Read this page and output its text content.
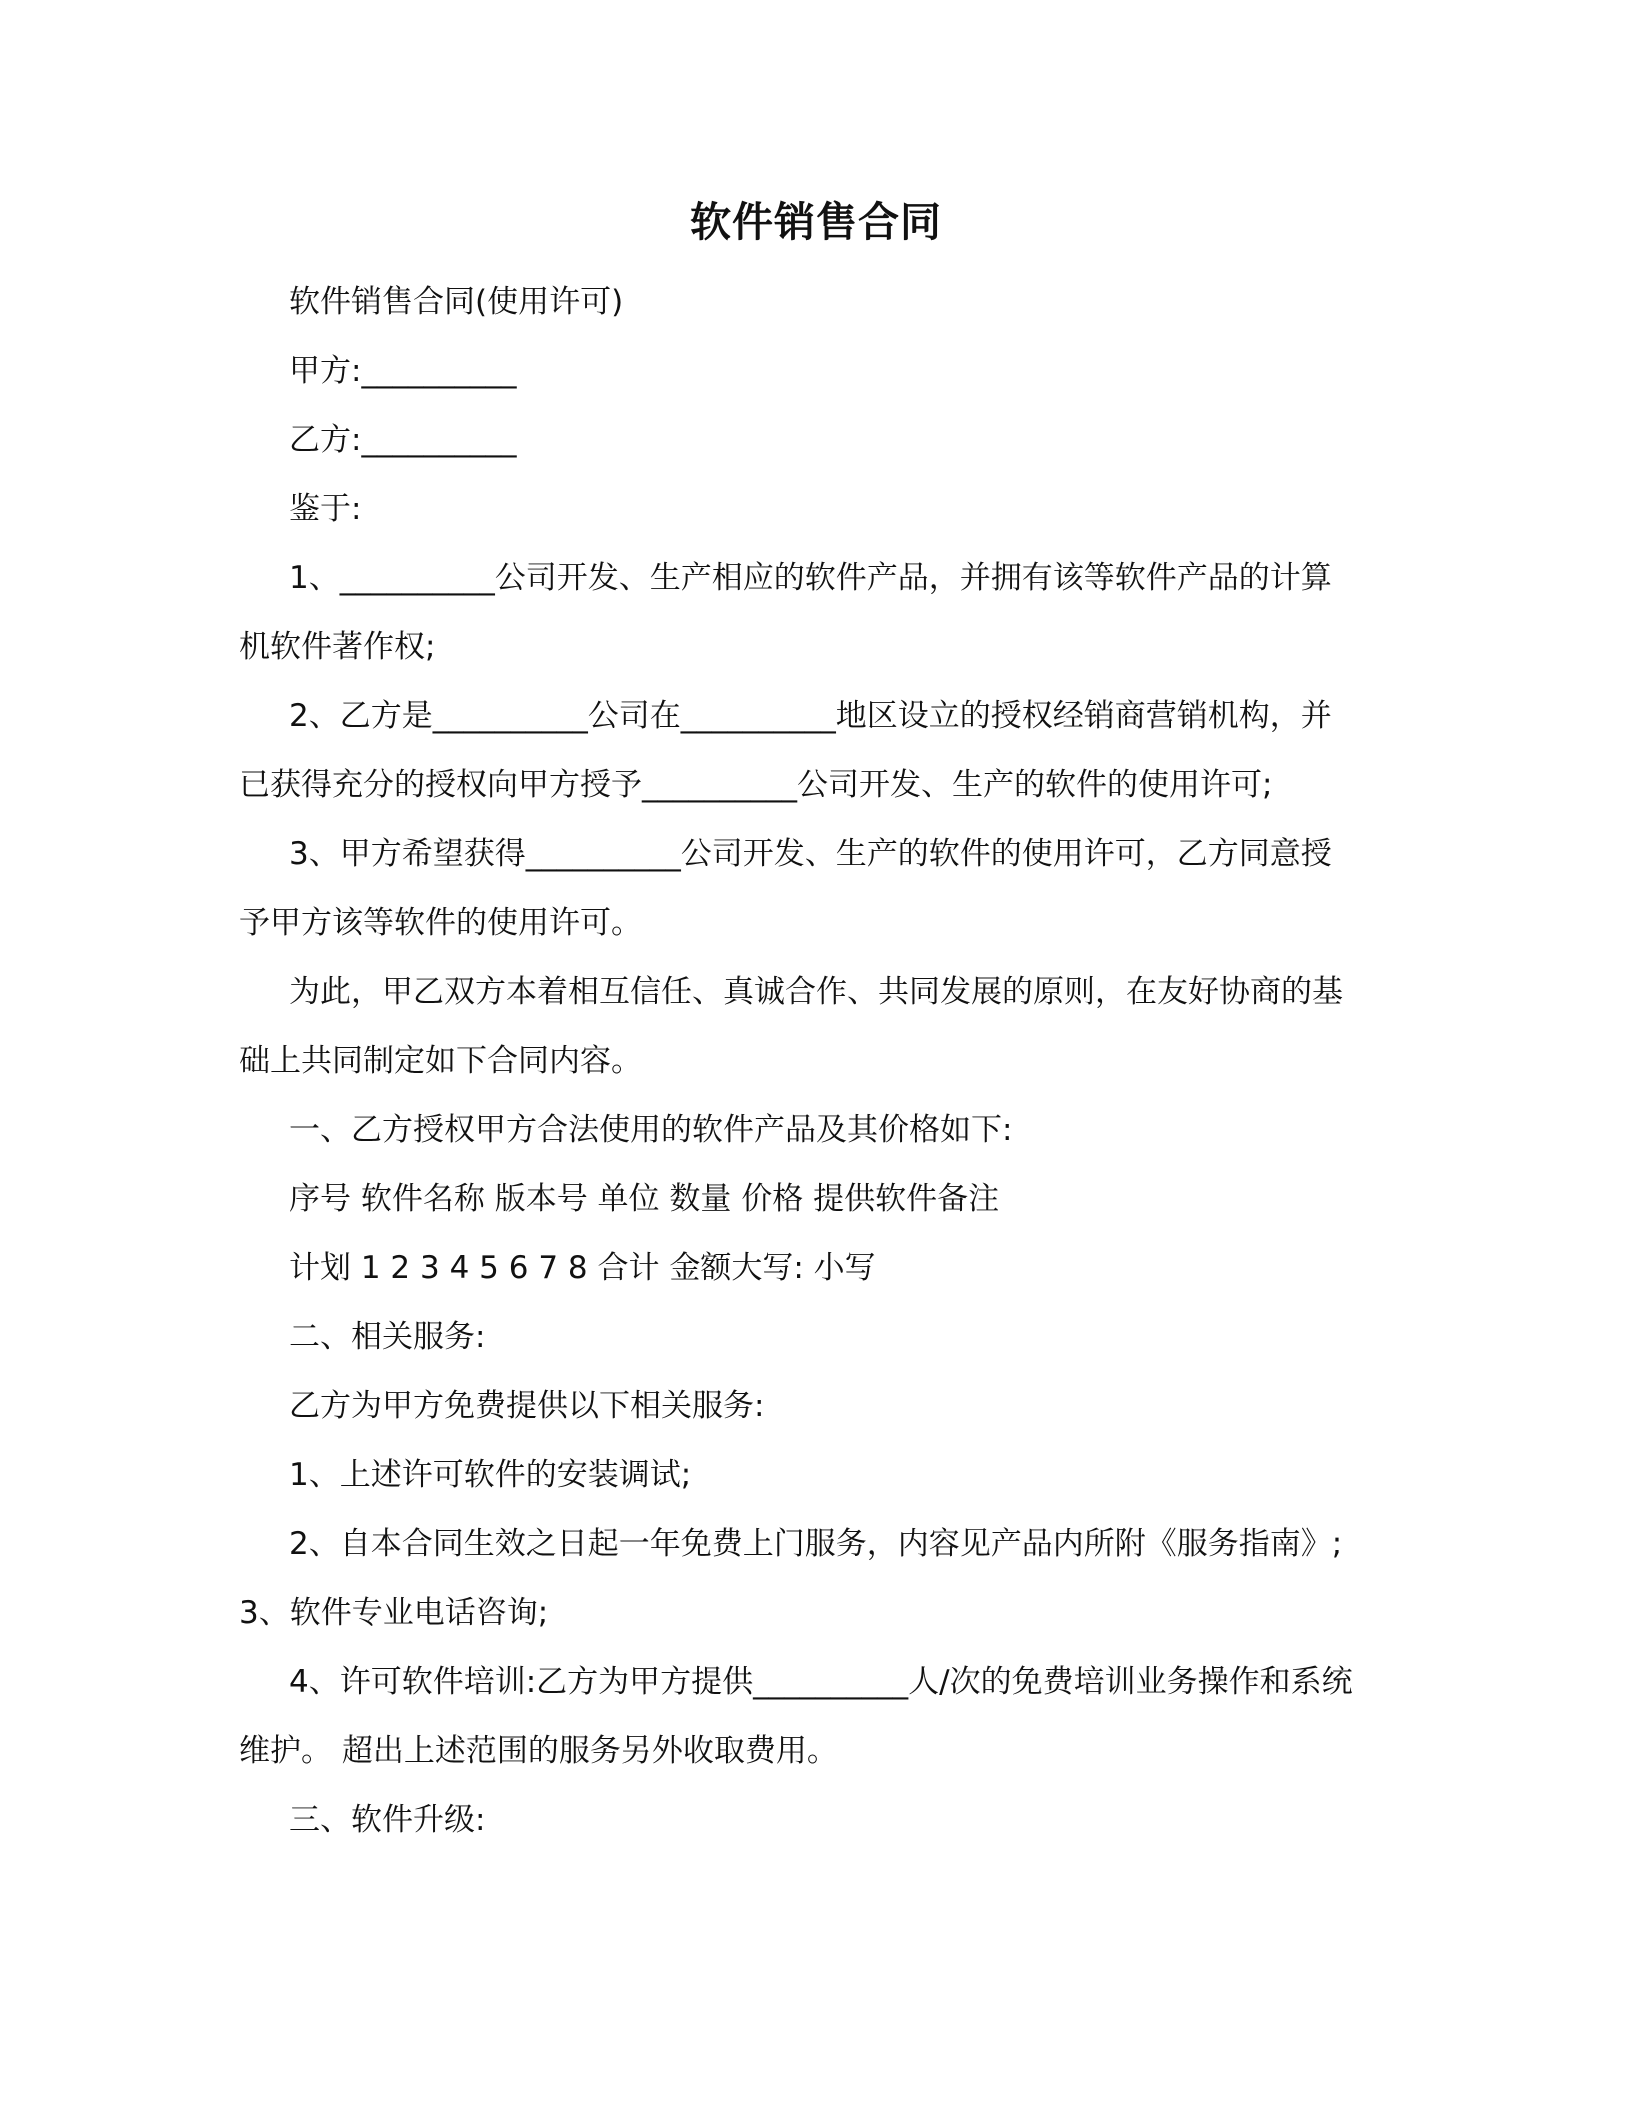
软件销售合同
软件销售合同(使用许可)
甲方:__________
乙方:__________
鉴于:
1、__________公司开发、生产相应的软件产品，并拥有该等软件产品的计算
机软件著作权;
2、乙方是__________公司在__________地区设立的授权经销商营销机构，并
已获得充分的授权向甲方授予__________公司开发、生产的软件的使用许可;
3、甲方希望获得__________公司开发、生产的软件的使用许可，乙方同意授
予甲方该等软件的使用许可。
为此，甲乙双方本着相互信任、真诚合作、共同发展的原则，在友好协商的基
础上共同制定如下合同内容。
一、乙方授权甲方合法使用的软件产品及其价格如下:
序号 软件名称 版本号 单位 数量 价格 提供软件备注
计划 1 2 3 4 5 6 7 8 合计 金额大写: 小写
二、相关服务:
乙方为甲方免费提供以下相关服务:
1、上述许可软件的安装调试;
2、自本合同生效之日起一年免费上门服务，内容见产品内所附《服务指南》;
3、软件专业电话咨询;
4、许可软件培训:乙方为甲方提供__________人/次的免费培训业务操作和系统
维护。 超出上述范围的服务另外收取费用。
三、软件升级:
